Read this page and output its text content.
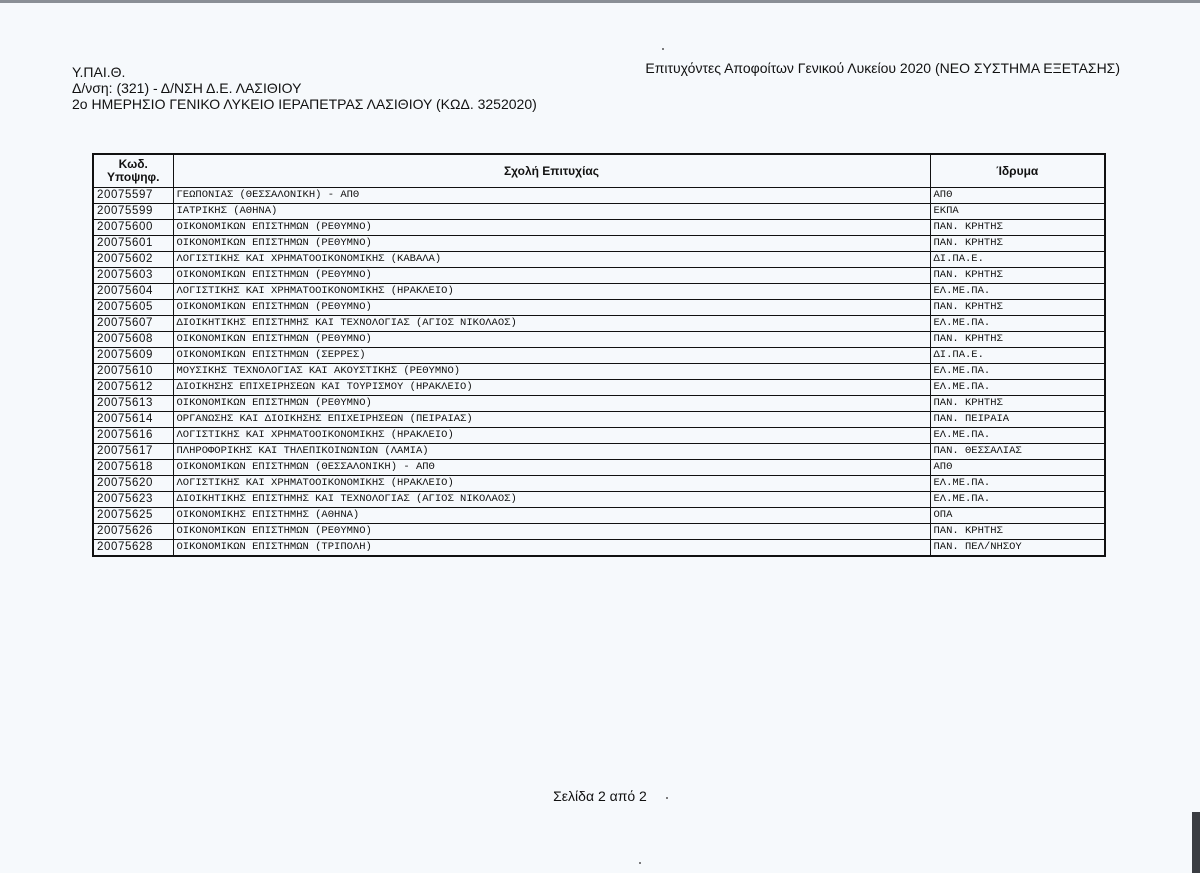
Υ.ΠΑΙ.Θ.
Δ/νση: (321) - Δ/ΝΣΗ Δ.Ε. ΛΑΣΙΘΙΟΥ
2ο ΗΜΕΡΗΣΙΟ ΓΕΝΙΚΟ ΛΥΚΕΙΟ ΙΕΡΑΠΕΤΡΑΣ ΛΑΣΙΘΙΟΥ (ΚΩΔ. 3252020)
Επιτυχόντες Αποφοίτων Γενικού Λυκείου 2020 (ΝΕΟ ΣΥΣΤΗΜΑ ΕΞΕΤΑΣΗΣ)
Κωδ.
Υποψηφ.	Σχολή Επιτυχίας	Ίδρυμα
20075597	ΓΕΩΠΟΝΙΑΣ (ΘΕΣΣΑΛΟΝΙΚΗ) - ΑΠΘ	ΑΠΘ
20075599	ΙΑΤΡΙΚΗΣ (ΑΘΗΝΑ)	ΕΚΠΑ
20075600	ΟΙΚΟΝΟΜΙΚΩΝ ΕΠΙΣΤΗΜΩΝ (ΡΕΘΥΜΝΟ)	ΠΑΝ. ΚΡΗΤΗΣ
20075601	ΟΙΚΟΝΟΜΙΚΩΝ ΕΠΙΣΤΗΜΩΝ (ΡΕΘΥΜΝΟ)	ΠΑΝ. ΚΡΗΤΗΣ
20075602	ΛΟΓΙΣΤΙΚΗΣ ΚΑΙ ΧΡΗΜΑΤΟΟΙΚΟΝΟΜΙΚΗΣ (ΚΑΒΑΛΑ)	ΔΙ.ΠΑ.Ε.
20075603	ΟΙΚΟΝΟΜΙΚΩΝ ΕΠΙΣΤΗΜΩΝ (ΡΕΘΥΜΝΟ)	ΠΑΝ. ΚΡΗΤΗΣ
20075604	ΛΟΓΙΣΤΙΚΗΣ ΚΑΙ ΧΡΗΜΑΤΟΟΙΚΟΝΟΜΙΚΗΣ (ΗΡΑΚΛΕΙΟ)	ΕΛ.ΜΕ.ΠΑ.
20075605	ΟΙΚΟΝΟΜΙΚΩΝ ΕΠΙΣΤΗΜΩΝ (ΡΕΘΥΜΝΟ)	ΠΑΝ. ΚΡΗΤΗΣ
20075607	ΔΙΟΙΚΗΤΙΚΗΣ ΕΠΙΣΤΗΜΗΣ ΚΑΙ ΤΕΧΝΟΛΟΓΙΑΣ (ΑΓΙΟΣ ΝΙΚΟΛΑΟΣ)	ΕΛ.ΜΕ.ΠΑ.
20075608	ΟΙΚΟΝΟΜΙΚΩΝ ΕΠΙΣΤΗΜΩΝ (ΡΕΘΥΜΝΟ)	ΠΑΝ. ΚΡΗΤΗΣ
20075609	ΟΙΚΟΝΟΜΙΚΩΝ ΕΠΙΣΤΗΜΩΝ (ΣΕΡΡΕΣ)	ΔΙ.ΠΑ.Ε.
20075610	ΜΟΥΣΙΚΗΣ ΤΕΧΝΟΛΟΓΙΑΣ ΚΑΙ ΑΚΟΥΣΤΙΚΗΣ (ΡΕΘΥΜΝΟ)	ΕΛ.ΜΕ.ΠΑ.
20075612	ΔΙΟΙΚΗΣΗΣ ΕΠΙΧΕΙΡΗΣΕΩΝ ΚΑΙ ΤΟΥΡΙΣΜΟΥ (ΗΡΑΚΛΕΙΟ)	ΕΛ.ΜΕ.ΠΑ.
20075613	ΟΙΚΟΝΟΜΙΚΩΝ ΕΠΙΣΤΗΜΩΝ (ΡΕΘΥΜΝΟ)	ΠΑΝ. ΚΡΗΤΗΣ
20075614	ΟΡΓΑΝΩΣΗΣ ΚΑΙ ΔΙΟΙΚΗΣΗΣ ΕΠΙΧΕΙΡΗΣΕΩΝ (ΠΕΙΡΑΙΑΣ)	ΠΑΝ. ΠΕΙΡΑΙΑ
20075616	ΛΟΓΙΣΤΙΚΗΣ ΚΑΙ ΧΡΗΜΑΤΟΟΙΚΟΝΟΜΙΚΗΣ (ΗΡΑΚΛΕΙΟ)	ΕΛ.ΜΕ.ΠΑ.
20075617	ΠΛΗΡΟΦΟΡΙΚΗΣ ΚΑΙ ΤΗΛΕΠΙΚΟΙΝΩΝΙΩΝ (ΛΑΜΙΑ)	ΠΑΝ. ΘΕΣΣΑΛΙΑΣ
20075618	ΟΙΚΟΝΟΜΙΚΩΝ ΕΠΙΣΤΗΜΩΝ (ΘΕΣΣΑΛΟΝΙΚΗ) - ΑΠΘ	ΑΠΘ
20075620	ΛΟΓΙΣΤΙΚΗΣ ΚΑΙ ΧΡΗΜΑΤΟΟΙΚΟΝΟΜΙΚΗΣ (ΗΡΑΚΛΕΙΟ)	ΕΛ.ΜΕ.ΠΑ.
20075623	ΔΙΟΙΚΗΤΙΚΗΣ ΕΠΙΣΤΗΜΗΣ ΚΑΙ ΤΕΧΝΟΛΟΓΙΑΣ (ΑΓΙΟΣ ΝΙΚΟΛΑΟΣ)	ΕΛ.ΜΕ.ΠΑ.
20075625	ΟΙΚΟΝΟΜΙΚΗΣ ΕΠΙΣΤΗΜΗΣ (ΑΘΗΝΑ)	ΟΠΑ
20075626	ΟΙΚΟΝΟΜΙΚΩΝ ΕΠΙΣΤΗΜΩΝ (ΡΕΘΥΜΝΟ)	ΠΑΝ. ΚΡΗΤΗΣ
20075628	ΟΙΚΟΝΟΜΙΚΩΝ ΕΠΙΣΤΗΜΩΝ (ΤΡΙΠΟΛΗ)	ΠΑΝ. ΠΕΛ/ΝΗΣΟΥ
Σελίδα 2 από 2
